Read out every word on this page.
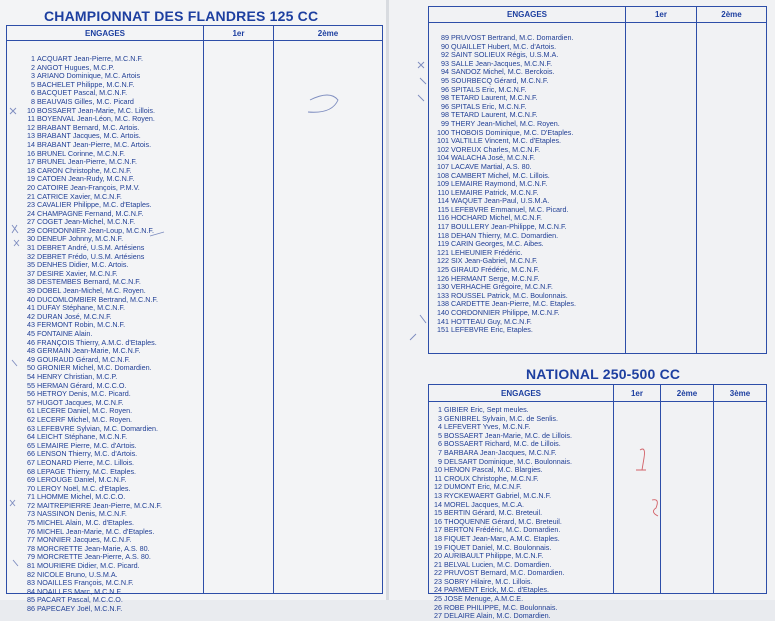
CHAMPIONNAT DES FLANDRES 125 CC
ENGAGES	1er	2ème
1 ACQUART Jean-Pierre, M.C.N.F.
2 ANGOT Hugues, M.C.P.
3 ARIANO Dominique, M.C. Artois
5 BACHELET Philippe, M.C.N.F.
6 BACQUET Pascal, M.C.N.F.
8 BEAUVAIS Gilles, M.C. Picard
10 BOSSAERT Jean-Marie, M.C. Lillois.
11 BOYENVAL Jean-Léon, M.C. Royen.
12 BRABANT Bernard, M.C. Artois.
13 BRABANT Jacques, M.C. Artois.
14 BRABANT Jean-Pierre, M.C. Artois.
16 BRUNEL Corinne, M.C.N.F.
17 BRUNEL Jean-Pierre, M.C.N.F.
18 CARON Christophe, M.C.N.F.
19 CATOEN Jean-Rudy, M.C.N.F.
20 CATOIRE Jean-François, P.M.V.
21 CATRICE Xavier, M.C.N.F.
23 CAVALIER Philippe, M.C. d'Etaples.
24 CHAMPAGNE Fernand, M.C.N.F.
27 COGET Jean-Michel, M.C.N.F.
29 CORDONNIER Jean-Loup, M.C.N.F.
30 DENEUF Johnny, M.C.N.F.
31 DEBRET André, U.S.M. Artésiens
32 DEBRET Frédo, U.S.M. Artésiens
35 DENHES Didier, M.C. Artois.
37 DESIRE Xavier, M.C.N.F.
38 DESTEMBES Bernard, M.C.N.F.
39 DOBEL Jean-Michel, M.C. Royen.
40 DUCOMLOMBIER Bertrand, M.C.N.F.
41 DUFAY Stéphane, M.C.N.F.
42 DURAN José, M.C.N.F.
43 FERMONT Robin, M.C.N.F.
45 FONTAINE Alain.
46 FRANÇOIS Thierry, A.M.C. d'Etaples.
48 GERMAIN Jean-Marie, M.C.N.F.
49 GOURAUD Gérard, M.C.N.F.
50 GRONIER Michel, M.C. Domardien.
54 HENRY Christian, M.C.P.
55 HERMAN Gérard, M.C.C.O.
56 HETROY Denis, M.C. Picard.
57 HUGOT Jacques, M.C.N.F.
61 LECERE Daniel, M.C. Royen.
62 LECERF Michel, M.C. Royen.
63 LEFEBVRE Sylvian, M.C. Domardien.
64 LEICHT Stéphane, M.C.N.F.
65 LEMAIRE Pierre, M.C. d'Artois.
66 LENSON Thierry, M.C. d'Artois.
67 LEONARD Pierre, M.C. Lillois.
68 LEPAGE Thierry, M.C. Etaples.
69 LEROUGE Daniel, M.C.N.F.
70 LEROY Noël, M.C. d'Etaples.
71 LHOMME Michel, M.C.C.O.
72 MAITREPIERRE Jean-Pierre, M.C.N.F.
73 NASSINON Denis, M.C.N.F.
75 MICHEL Alain, M.C. d'Etaples.
76 MICHEL Jean-Marie, M.C. d'Etaples.
77 MONNIER Jacques, M.C.N.F.
78 MORCRETTE Jean-Marie, A.S. 80.
79 MORCRETTE Jean-Pierre, A.S. 80.
81 MOURIERE Didier, M.C. Picard.
82 NICOLE Bruno, U.S.M.A.
83 NOAILLES François, M.C.N.F.
84 NOAILLES Marc, M.C.N.F.
85 PACART Pascal, M.C.C.O.
86 PAPECAEY Joël, M.C.N.F.
ENGAGES	1er	2ème
89 PRUVOST Bertrand, M.C. Domardien.
90 QUAILLET Hubert, M.C. d'Artois.
92 SAINT SOLIEUX Régis, U.S.M.A.
93 SALLE Jean-Jacques, M.C.N.F.
94 SANDOZ Michel, M.C. Berckois.
95 SOURBECQ Gérard, M.C.N.F.
96 SPITALS Eric, M.C.N.F.
98 TETARD Laurent, M.C.N.F.
96 SPITALS Eric, M.C.N.F.
98 TETARD Laurent, M.C.N.F.
99 THERY Jean-Michel, M.C. Royen.
100 THOBOIS Dominique, M.C. D'Etaples.
101 VALTILLE Vincent, M.C. d'Etaples.
102 VOREUX Charles, M.C.N.F.
104 WALACHA José, M.C.N.F.
107 LACAVE Martial, A.S. 80.
108 CAMBERT Michel, M.C. Lillois.
109 LEMAIRE Raymond, M.C.N.F.
110 LEMAIRE Patrick, M.C.N.F.
114 WAQUET Jean-Paul, U.S.M.A.
115 LEFEBVRE Emmanuel, M.C. Picard.
116 HOCHARD Michel, M.C.N.F.
117 BOULLERY Jean-Philippe, M.C.N.F.
118 DEHAN Thierry, M.C. Domardien.
119 CARIN Georges, M.C. Aibes.
121 LEHEUNIER Frédéric.
122 SIX Jean-Gabriel, M.C.N.F.
125 GIRAUD Frédéric, M.C.N.F.
126 HERMANT Serge, M.C.N.F.
130 VERHACHE Grégoire, M.C.N.F.
133 ROUSSEL Patrick, M.C. Boulonnais.
138 CARDETTE Jean-Pierre, M.C. Etaples.
140 CORDONNIER Philippe, M.C.N.F.
141 HOTTEAU Guy, M.C.N.F.
151 LEFEBVRE Eric, Etaples.
NATIONAL 250-500 CC
ENGAGES	1er	2ème	3ème
1 GIBIER Eric, Sept meules.
3 GENIBREL Sylvain, M.C. de Senlis.
4 LEFEVERT Yves, M.C.N.F.
5 BOSSAERT Jean-Marie, M.C. de Lillois.
6 BOSSAERT Richard, M.C. de Lillois.
7 BARBARA Jean-Jacques, M.C.N.F.
9 DELSART Dominique, M.C. Boulonnais.
10 HENON Pascal, M.C. Blargies.
11 CROUX Christophe, M.C.N.F.
12 DUMONT Eric, M.C.N.F.
13 RYCKEWAERT Gabriel, M.C.N.F.
14 MOREL Jacques, M.C.A.
15 BERTIN Gérard, M.C. Breteuil.
16 THOQUENNE Gérard, M.C. Breteuil.
17 BERTON Frédéric, M.C. Domardien.
18 FIQUET Jean-Marc, A.M.C. Etaples.
19 FIQUET Daniel, M.C. Boulonnais.
20 AURIBAULT Philippe, M.C.N.F.
21 BELVAL Lucien, M.C. Domardien.
22 PRUVOST Bernard, M.C. Domardien.
23 SOBRY Hilaire, M.C. Lillois.
24 PARMENT Erick, M.C. d'Etaples.
25 JOSE Menuge, A.M.C.E.
26 ROBE PHILIPPE, M.C. Boulonnais.
27 DELAIRE Alain, M.C. Domardien.
